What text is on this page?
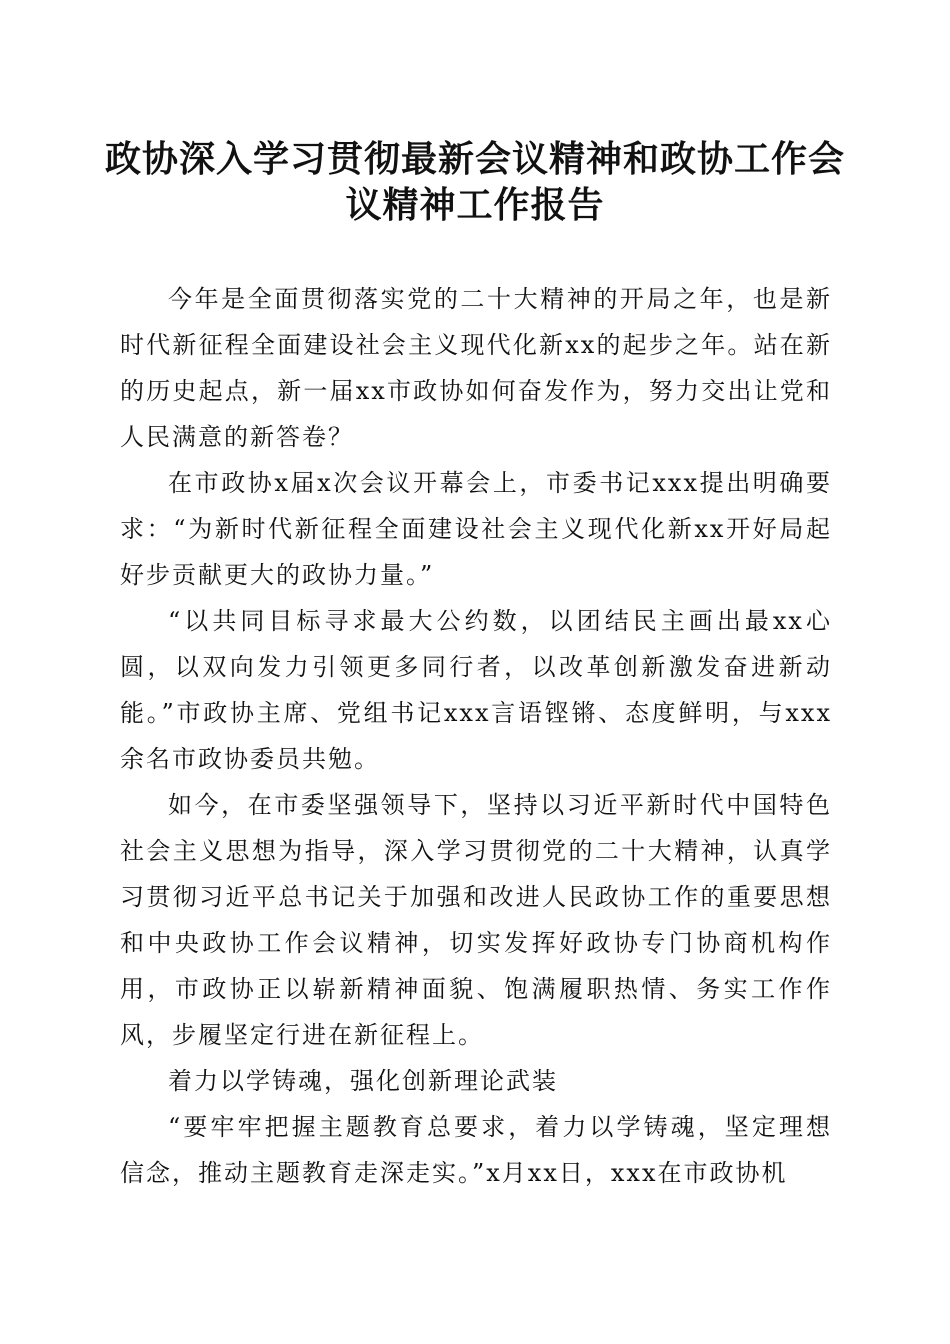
政协深入学习贯彻最新会议精神和政协工作会议精神工作报告

今年是全面贯彻落实党的二十大精神的开局之年，也是新时代新征程全面建设社会主义现代化新xx的起步之年。站在新的历史起点，新一届xx市政协如何奋发作为，努力交出让党和人民满意的新答卷？

在市政协x届x次会议开幕会上，市委书记xxx提出明确要求：“为新时代新征程全面建设社会主义现代化新xx开好局起好步贡献更大的政协力量。”

“以共同目标寻求最大公约数，以团结民主画出最xx心圆，以双向发力引领更多同行者，以改革创新激发奋进新动能。”市政协主席、党组书记xxx言语铿锵、态度鲜明，与xxx余名市政协委员共勉。

如今，在市委坚强领导下，坚持以习近平新时代中国特色社会主义思想为指导，深入学习贯彻党的二十大精神，认真学习贯彻习近平总书记关于加强和改进人民政协工作的重要思想和中央政协工作会议精神，切实发挥好政协专门协商机构作用，市政协正以崭新精神面貌、饱满履职热情、务实工作作风，步履坚定行进在新征程上。

着力以学铸魂，强化创新理论武装

“要牢牢把握主题教育总要求，着力以学铸魂，坚定理想信念，推动主题教育走深走实。”x月xx日，xxx在市政协机
